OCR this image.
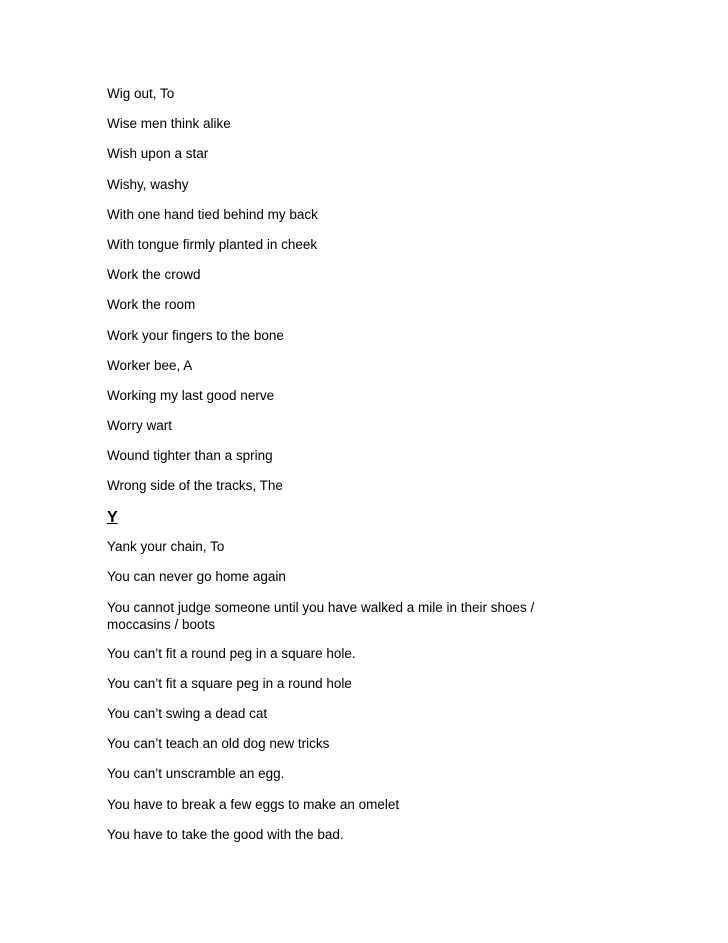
Wig out, To
Wise men think alike
Wish upon a star
Wishy, washy
With one hand tied behind my back
With tongue firmly planted in cheek
Work the crowd
Work the room
Work your fingers to the bone
Worker bee, A
Working my last good nerve
Worry wart
Wound tighter than a spring
Wrong side of the tracks, The
Y
Yank your chain, To
You can never go home again
You cannot judge someone until you have walked a mile in their shoes / moccasins / boots
You can’t fit a round peg in a square hole.
You can’t fit a square peg in a round hole
You can’t swing a dead cat
You can’t teach an old dog new tricks
You can’t unscramble an egg.
You have to break a few eggs to make an omelet
You have to take the good with the bad.
